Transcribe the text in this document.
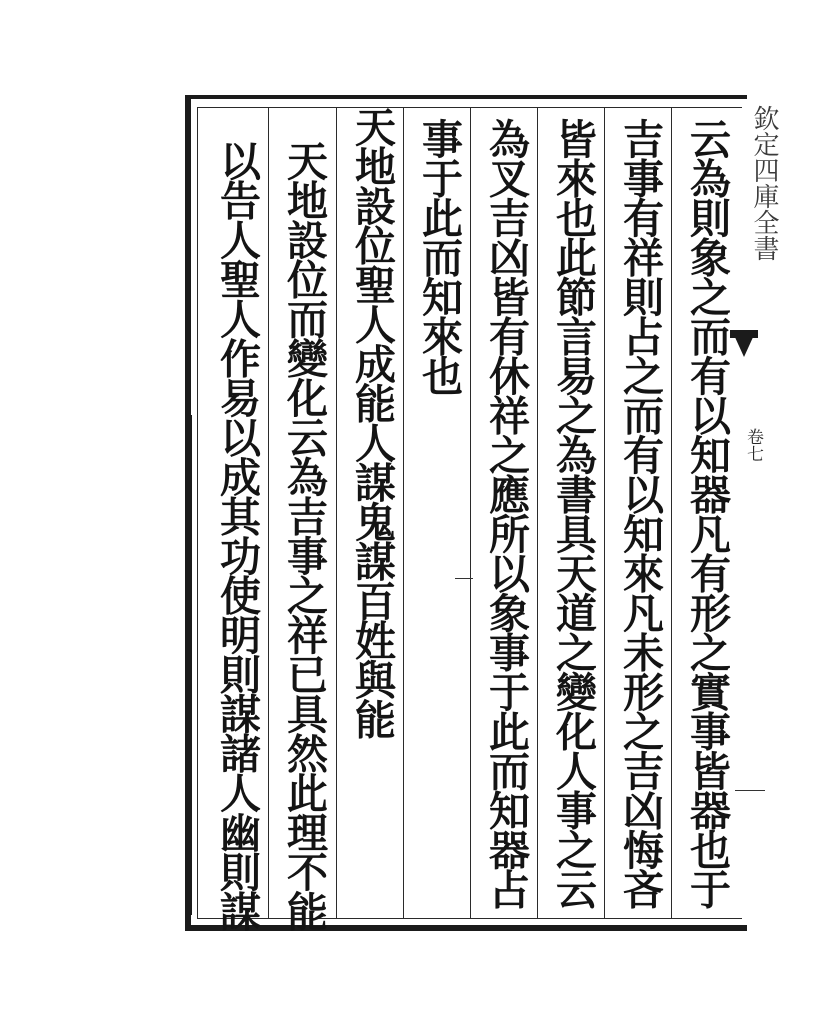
欽定四庫全書
卷七
云為則象之而有以知器凡有形之實事皆器也于
吉事有祥則占之而有以知來凡未形之吉凶悔吝
皆來也此節言易之為書具天道之變化人事之云
為叉吉凶皆有休祥之應所以象事于此而知器占
事于此而知來也
天地設位聖人成能人謀鬼謀百姓與能
天地設位而變化云為吉事之祥已具然此理不能
以告人聖人作易以成其功使明則謀諸人幽則謀
